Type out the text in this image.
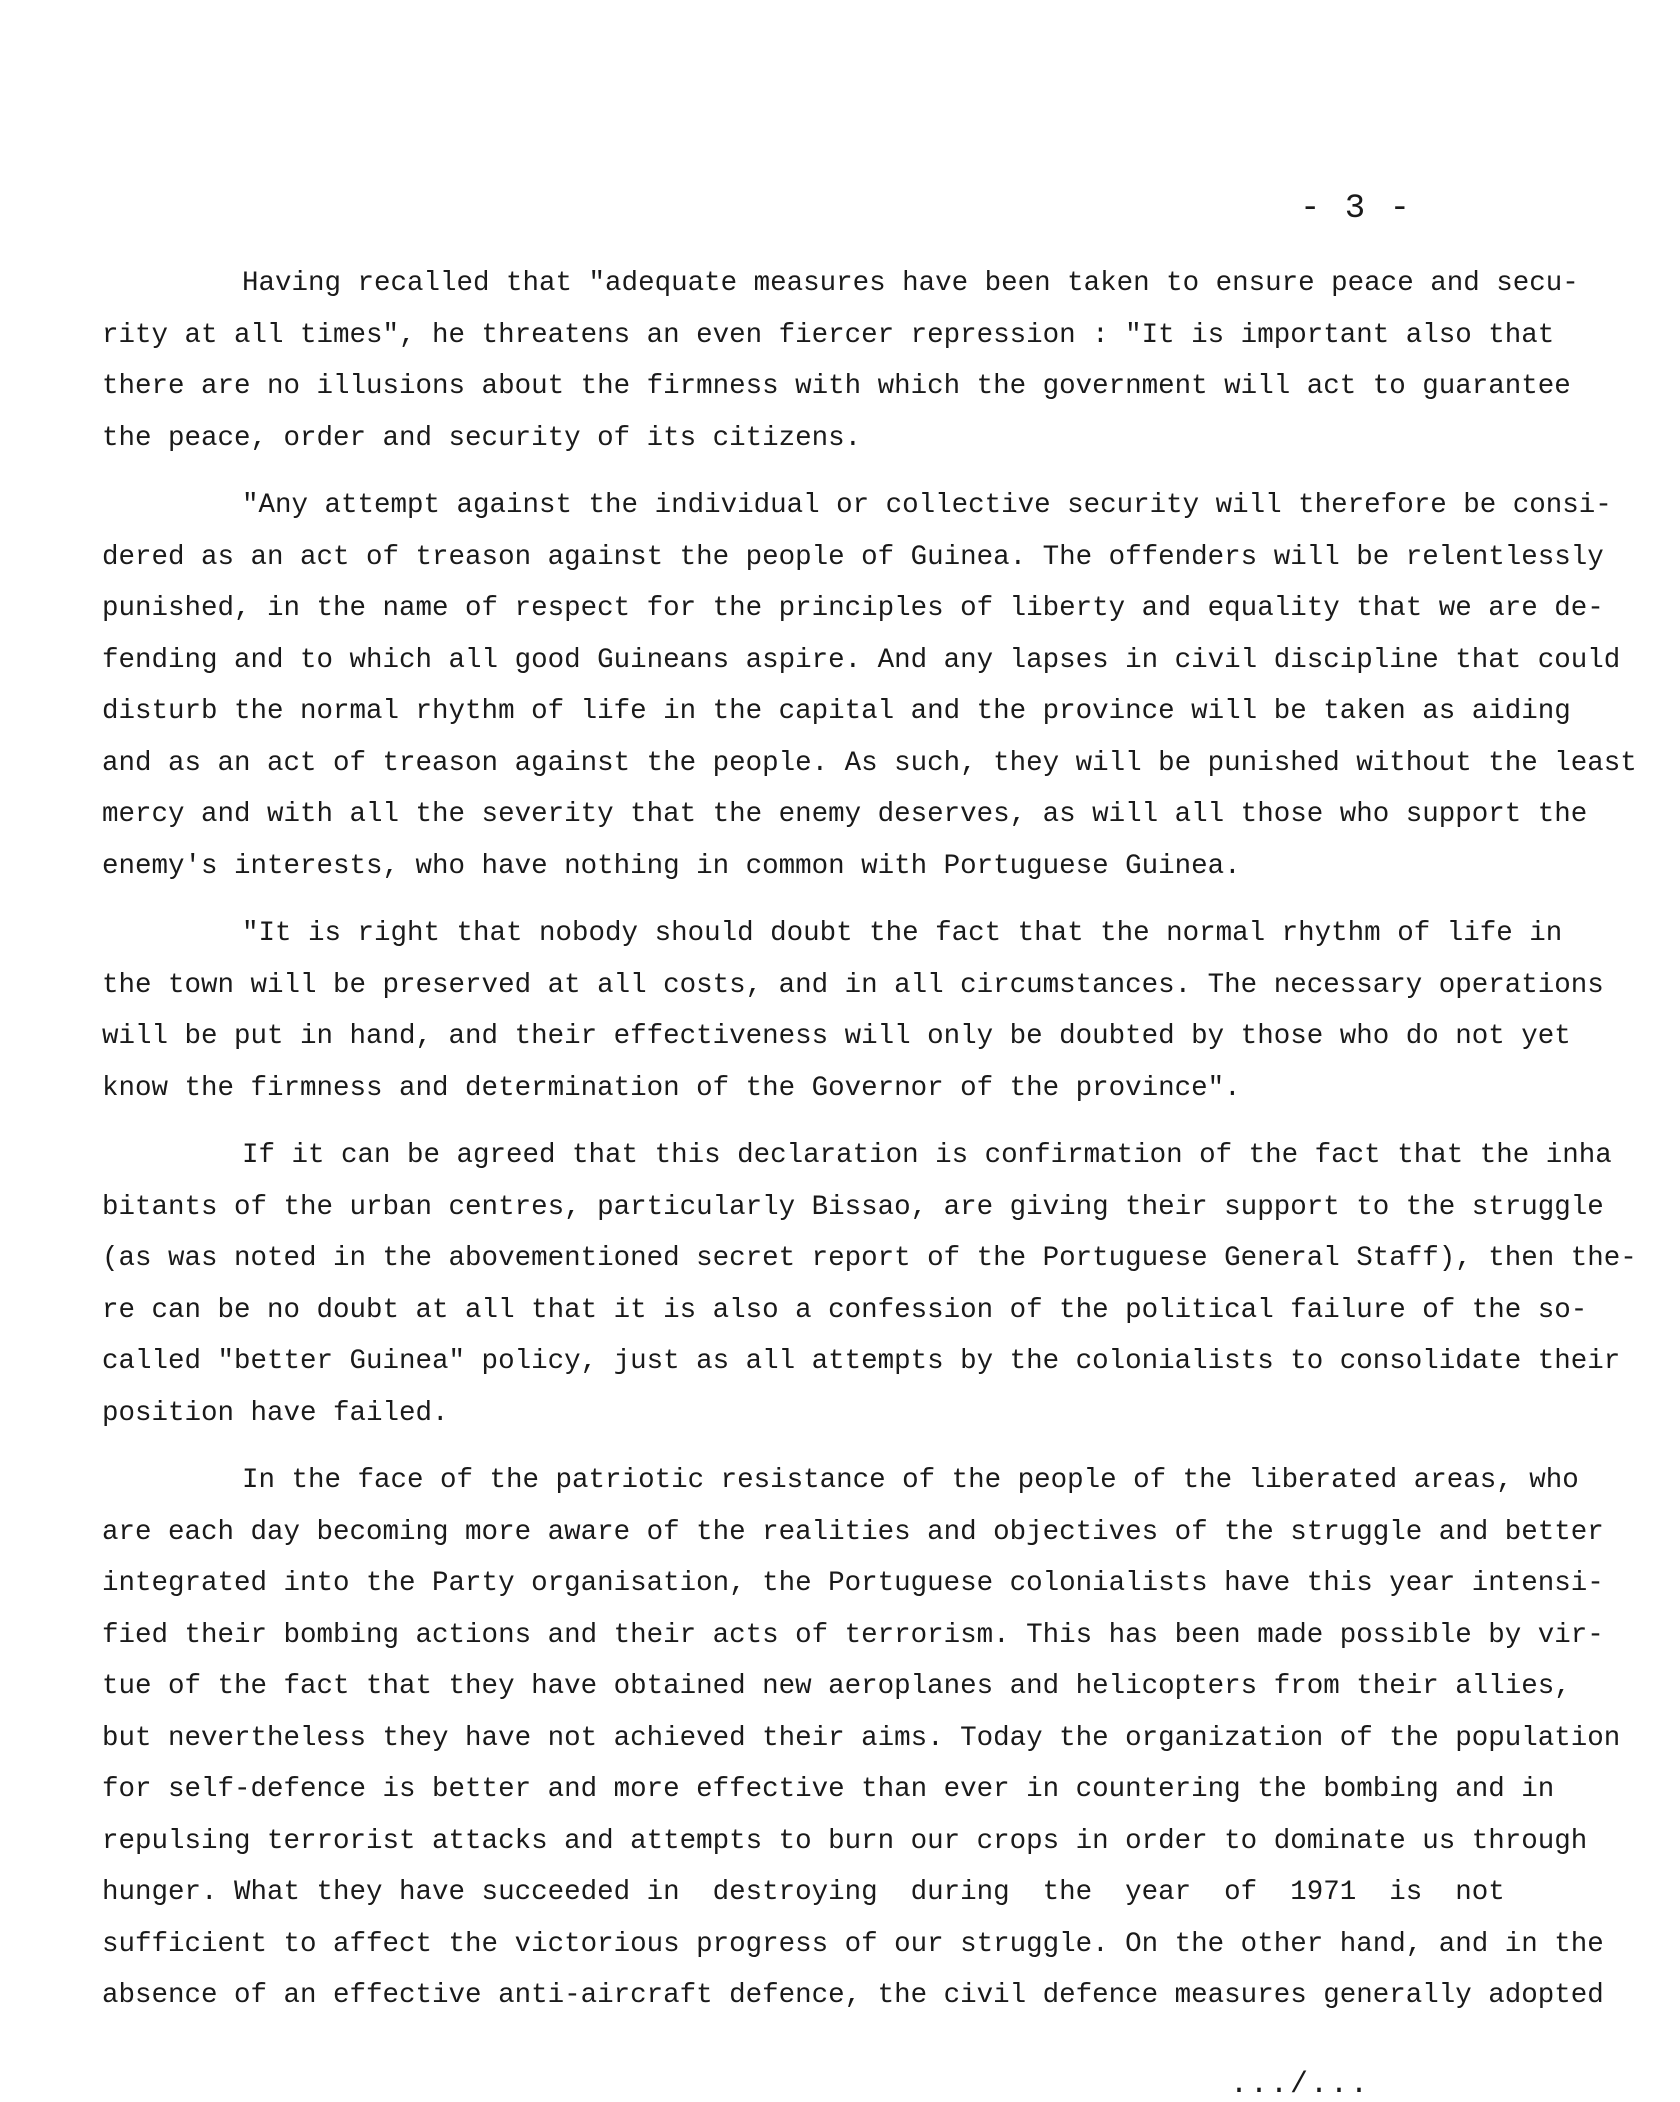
- 3 -
Having recalled that "adequate measures have been taken to ensure peace and secu-
rity at all times", he threatens an even fiercer repression : "It is important also that
there are no illusions about the firmness with which the government will act to guarantee
the peace, order and security of its citizens.
"Any attempt against the individual or collective security will therefore be consi-
dered as an act of treason against the people of Guinea. The offenders will be relentlessly
punished, in the name of respect for the principles of liberty and equality that we are de-
fending and to which all good Guineans aspire. And any lapses in civil discipline that could
disturb the normal rhythm of life in the capital and the province will be taken as aiding
and as an act of treason against the people. As such, they will be punished without the least
mercy and with all the severity that the enemy deserves, as will all those who support the
enemy's interests, who have nothing in common with Portuguese Guinea.
"It is right that nobody should doubt the fact that the normal rhythm of life in
the town will be preserved at all costs, and in all circumstances. The necessary operations
will be put in hand, and their effectiveness will only be doubted by those who do not yet
know the firmness and determination of the Governor of the province".
If it can be agreed that this declaration is confirmation of the fact that the inha
bitants of the urban centres, particularly Bissao, are giving their support to the struggle
(as was noted in the abovementioned secret report of the Portuguese General Staff), then the-
re can be no doubt at all that it is also a confession of the political failure of the so-
called "better Guinea" policy, just as all attempts by the colonialists to consolidate their
position have failed.
In the face of the patriotic resistance of the people of the liberated areas, who
are each day becoming more aware of the realities and objectives of the struggle and better
integrated into the Party organisation, the Portuguese colonialists have this year intensi-
fied their bombing actions and their acts of terrorism. This has been made possible by vir-
tue of the fact that they have obtained new aeroplanes and helicopters from their allies,
but nevertheless they have not achieved their aims. Today the organization of the population
for self-defence is better and more effective than ever in countering the bombing and in
repulsing terrorist attacks and attempts to burn our crops in order to dominate us through
hunger. What they have succeeded in  destroying  during  the  year  of  1971  is  not
sufficient to affect the victorious progress of our struggle. On the other hand, and in the
absence of an effective anti-aircraft defence, the civil defence measures generally adopted
.../...
